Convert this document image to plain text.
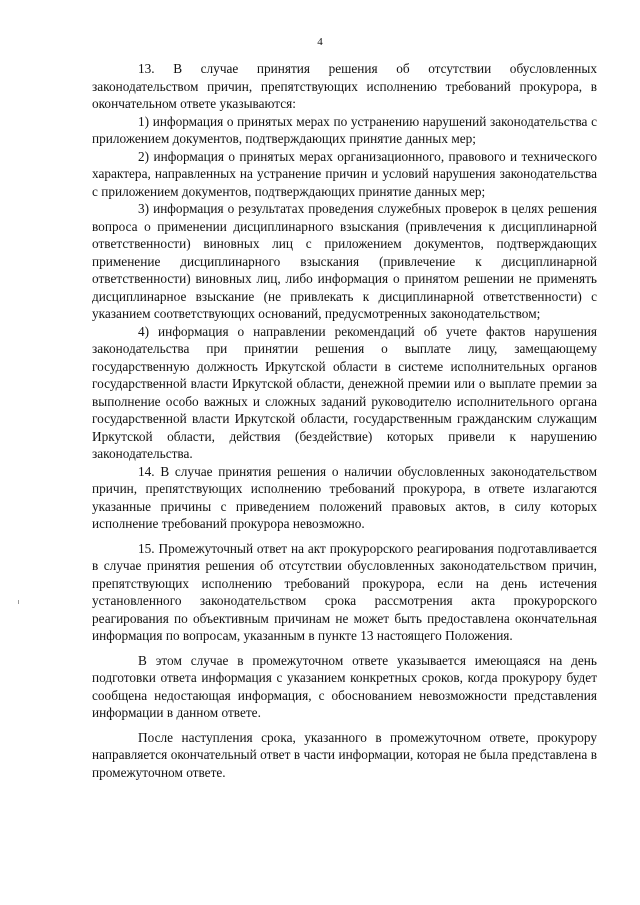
4

13. В случае принятия решения об отсутствии обусловленных законодательством причин, препятствующих исполнению требований прокурора, в окончательном ответе указываются:

1) информация о принятых мерах по устранению нарушений законодательства с приложением документов, подтверждающих принятие данных мер;

2) информация о принятых мерах организационного, правового и технического характера, направленных на устранение причин и условий нарушения законодательства с приложением документов, подтверждающих принятие данных мер;

3) информация о результатах проведения служебных проверок в целях решения вопроса о применении дисциплинарного взыскания (привлечения к дисциплинарной ответственности) виновных лиц с приложением документов, подтверждающих применение дисциплинарного взыскания (привлечение к дисциплинарной ответственности) виновных лиц, либо информация о принятом решении не применять дисциплинарное взыскание (не привлекать к дисциплинарной ответственности) с указанием соответствующих оснований, предусмотренных законодательством;

4) информация о направлении рекомендаций об учете фактов нарушения законодательства при принятии решения о выплате лицу, замещающему государственную должность Иркутской области в системе исполнительных органов государственной власти Иркутской области, денежной премии или о выплате премии за выполнение особо важных и сложных заданий руководителю исполнительного органа государственной власти Иркутской области, государственным гражданским служащим Иркутской области, действия (бездействие) которых привели к нарушению законодательства.

14. В случае принятия решения о наличии обусловленных законодательством причин, препятствующих исполнению требований прокурора, в ответе излагаются указанные причины с приведением положений правовых актов, в силу которых исполнение требований прокурора невозможно.

15. Промежуточный ответ на акт прокурорского реагирования подготавливается в случае принятия решения об отсутствии обусловленных законодательством причин, препятствующих исполнению требований прокурора, если на день истечения установленного законодательством срока рассмотрения акта прокурорского реагирования по объективным причинам не может быть предоставлена окончательная информация по вопросам, указанным в пункте 13 настоящего Положения.

В этом случае в промежуточном ответе указывается имеющаяся на день подготовки ответа информация с указанием конкретных сроков, когда прокурору будет сообщена недостающая информация, с обоснованием невозможности представления информации в данном ответе.

После наступления срока, указанного в промежуточном ответе, прокурору направляется окончательный ответ в части информации, которая не была представлена в промежуточном ответе.
